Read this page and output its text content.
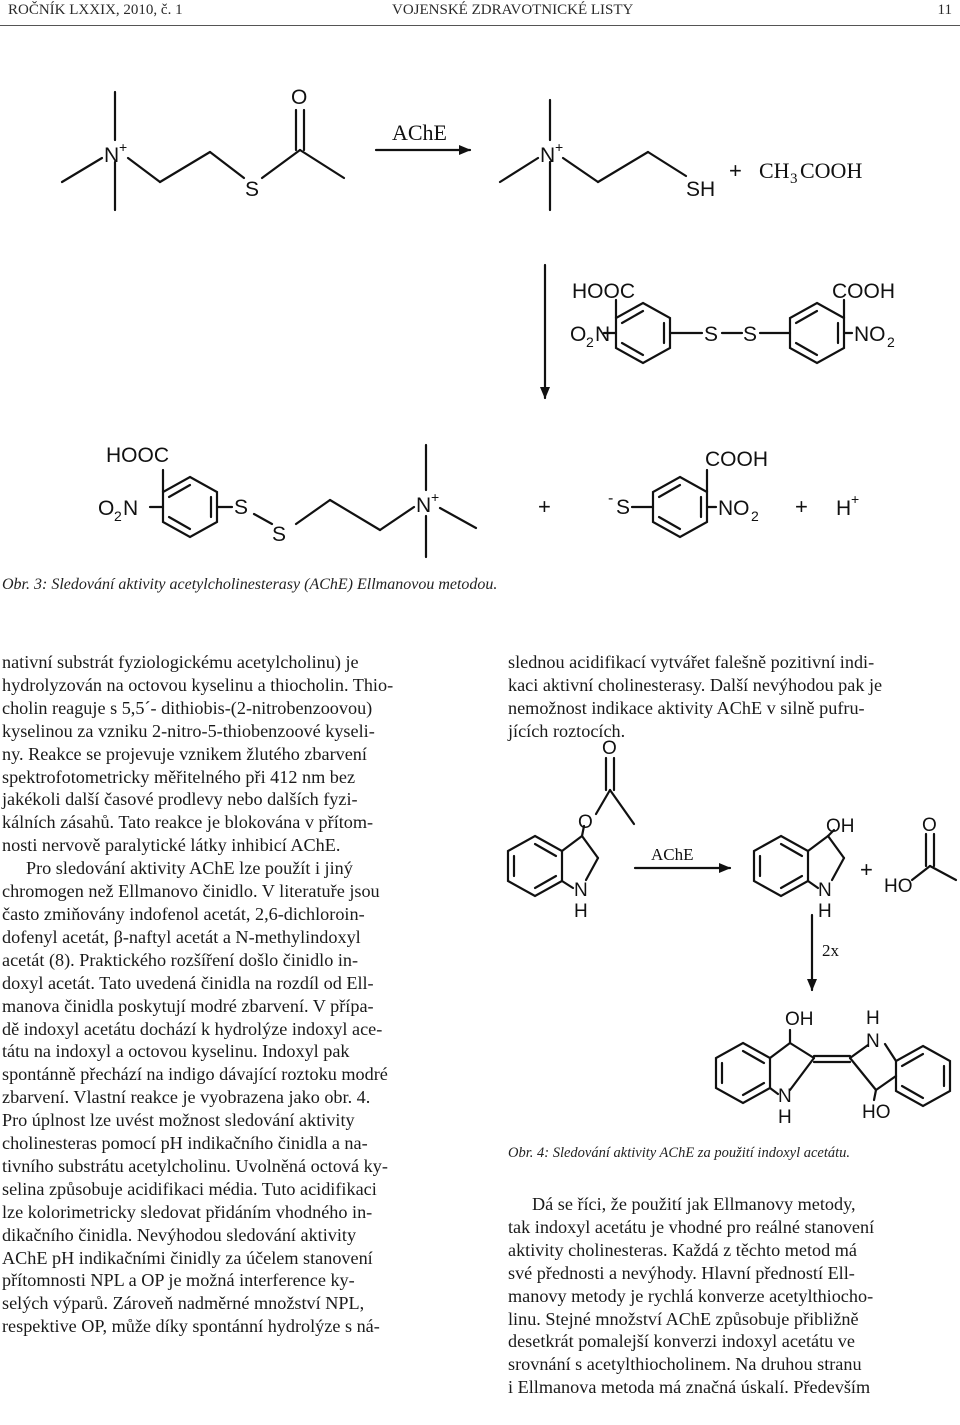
ROČNÍK LXXIX, 2010, č. 1	VOJENSKÉ ZDRAVOTNICKÉ LISTY	11
N +
S
O
N +
SH
+
HOOC	COOH
O 2 N	S S	NO 2
HOOC
O 2 N	S
S
N +	+	- S
COOH
NO 2 + H +
AChE
CH 3 COOH
Obr. 3: Sledování aktivity acetylcholinesterasy (AChE) Ellmanovou metodou.
O
O
N
H
OH
N
H
+
O
HO
OH	H
N
N
H	HO
AChE
2x
Obr. 4: Sledování aktivity AChE za použití indoxyl acetátu.

nativní substrát fyziologickému acetylcholinu) je

hydrolyzován na octovou kyselinu a thiocholin. Thio-

cholin reaguje s 5,5´- dithiobis-(2-nitrobenzoovou)

kyselinou za vzniku 2-nitro-5-thiobenzoové kyseli-

ny. Reakce se projevuje vznikem žlutého zbarvení

spektrofotometricky měřitelného při 412 nm bez

jakékoli další časové prodlevy nebo dalších fyzi-

kálních zásahů. Tato reakce je blokována v přítom-

nosti nervově paralytické látky inhibicí AChE.

Pro sledování aktivity AChE lze použít i jiný

chromogen než Ellmanovo činidlo. V literatuře jsou

často zmiňovány indofenol acetát, 2,6-dichloroin-

dofenyl acetát, β-naftyl acetát a N-methylindoxyl

acetát (8). Praktického rozšíření došlo činidlo in-

doxyl acetát. Tato uvedená činidla na rozdíl od Ell-

manova činidla poskytují modré zbarvení. V přípa-

dě indoxyl acetátu dochází k hydrolýze indoxyl ace-

tátu na indoxyl a octovou kyselinu. Indoxyl pak

spontánně přechází na indigo dávající roztoku modré

zbarvení. Vlastní reakce je vyobrazena jako obr. 4.

Pro úplnost lze uvést možnost sledování aktivity

cholinesteras pomocí pH indikačního činidla a na-

tivního substrátu acetylcholinu. Uvolněná octová ky-

selina způsobuje acidifikaci média. Tuto acidifikaci

lze kolorimetricky sledovat přidáním vhodného in-

dikačního činidla. Nevýhodou sledování aktivity

AChE pH indikačními činidly za účelem stanovení

přítomnosti NPL a OP je možná interference ky-

selých výparů. Zároveň nadměrné množství NPL,

respektive OP, může díky spontánní hydrolýze s ná-

slednou acidifikací vytvářet falešně pozitivní indi-

kaci aktivní cholinesterasy. Další nevýhodou pak je

nemožnost indikace aktivity AChE v silně pufru-

jících roztocích.

Dá se říci, že použití jak Ellmanovy metody,

tak indoxyl acetátu je vhodné pro reálné stanovení

aktivity cholinesteras. Každá z těchto metod má

své přednosti a nevýhody. Hlavní předností Ell-

manovy metody je rychlá konverze acetylthiocho-

linu. Stejné množství AChE způsobuje přibližně

desetkrát pomalejší konverzi indoxyl acetátu ve

srovnání s acetylthiocholinem. Na druhou stranu

i Ellmanova metoda má značná úskalí. Především
